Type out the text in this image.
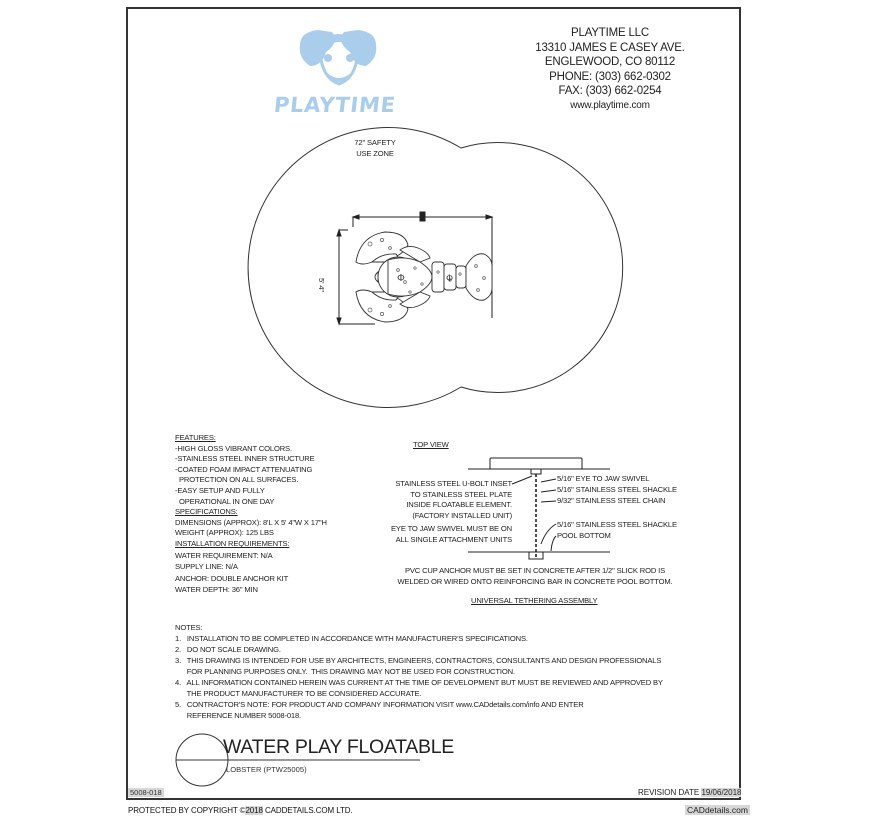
PLAYTIME
Φ	Φ
PLAYTIME LLC
13310 JAMES E CASEY AVE.
ENGLEWOOD, CO 80112
PHONE: (303) 662-0302
FAX: (303) 662-0254
www.playtime.com
72" SAFETY
USE ZONE
5' 4"
TOP VIEW
FEATURES:
-HIGH GLOSS VIBRANT COLORS.
-STAINLESS STEEL INNER STRUCTURE
-COATED FOAM IMPACT ATTENUATING
PROTECTION ON ALL SURFACES.
-EASY SETUP AND FULLY
OPERATIONAL IN ONE DAY
SPECIFICATIONS:
DIMENSIONS (APPROX): 8'L X 5' 4"W X 17"H
WEIGHT (APPROX): 125 LBS
INSTALLATION REQUIREMENTS:
WATER REQUIREMENT: N/A
SUPPLY LINE: N/A
ANCHOR: DOUBLE ANCHOR KIT
WATER DEPTH: 36" MIN
STAINLESS STEEL U-BOLT INSET
TO STAINLESS STEEL PLATE
INSIDE FLOATABLE ELEMENT.
(FACTORY INSTALLED UNIT)
EYE TO JAW SWIVEL MUST BE ON
ALL SINGLE ATTACHMENT UNITS
5/16" EYE TO JAW SWIVEL
5/16" STAINLESS STEEL SHACKLE
9/32" STAINLESS STEEL CHAIN
5/16" STAINLESS STEEL SHACKLE
POOL BOTTOM
PVC CUP ANCHOR MUST BE SET IN CONCRETE AFTER 1/2" SLICK ROD IS
WELDED OR WIRED ONTO REINFORCING BAR IN CONCRETE POOL BOTTOM.
UNIVERSAL TETHERING ASSEMBLY
NOTES:
1.   INSTALLATION TO BE COMPLETED IN ACCORDANCE WITH MANUFACTURER'S SPECIFICATIONS.
2.   DO NOT SCALE DRAWING.
3.   THIS DRAWING IS INTENDED FOR USE BY ARCHITECTS, ENGINEERS, CONTRACTORS, CONSULTANTS AND DESIGN PROFESSIONALS
FOR PLANNING PURPOSES ONLY.  THIS DRAWING MAY NOT BE USED FOR CONSTRUCTION.
4.   ALL INFORMATION CONTAINED HEREIN WAS CURRENT AT THE TIME OF DEVELOPMENT BUT MUST BE REVIEWED AND APPROVED BY
THE PRODUCT MANUFACTURER TO BE CONSIDERED ACCURATE.
5.   CONTRACTOR'S NOTE: FOR PRODUCT AND COMPANY INFORMATION VISIT www.CADdetails.com/info AND ENTER
REFERENCE NUMBER 5008-018.
WATER PLAY FLOATABLE
LOBSTER (PTW25005)
5008-018	REVISION DATE 19/06/2018
PROTECTED BY COPYRIGHT ©2018 CADDETAILS.COM LTD.	CADdetails.com
